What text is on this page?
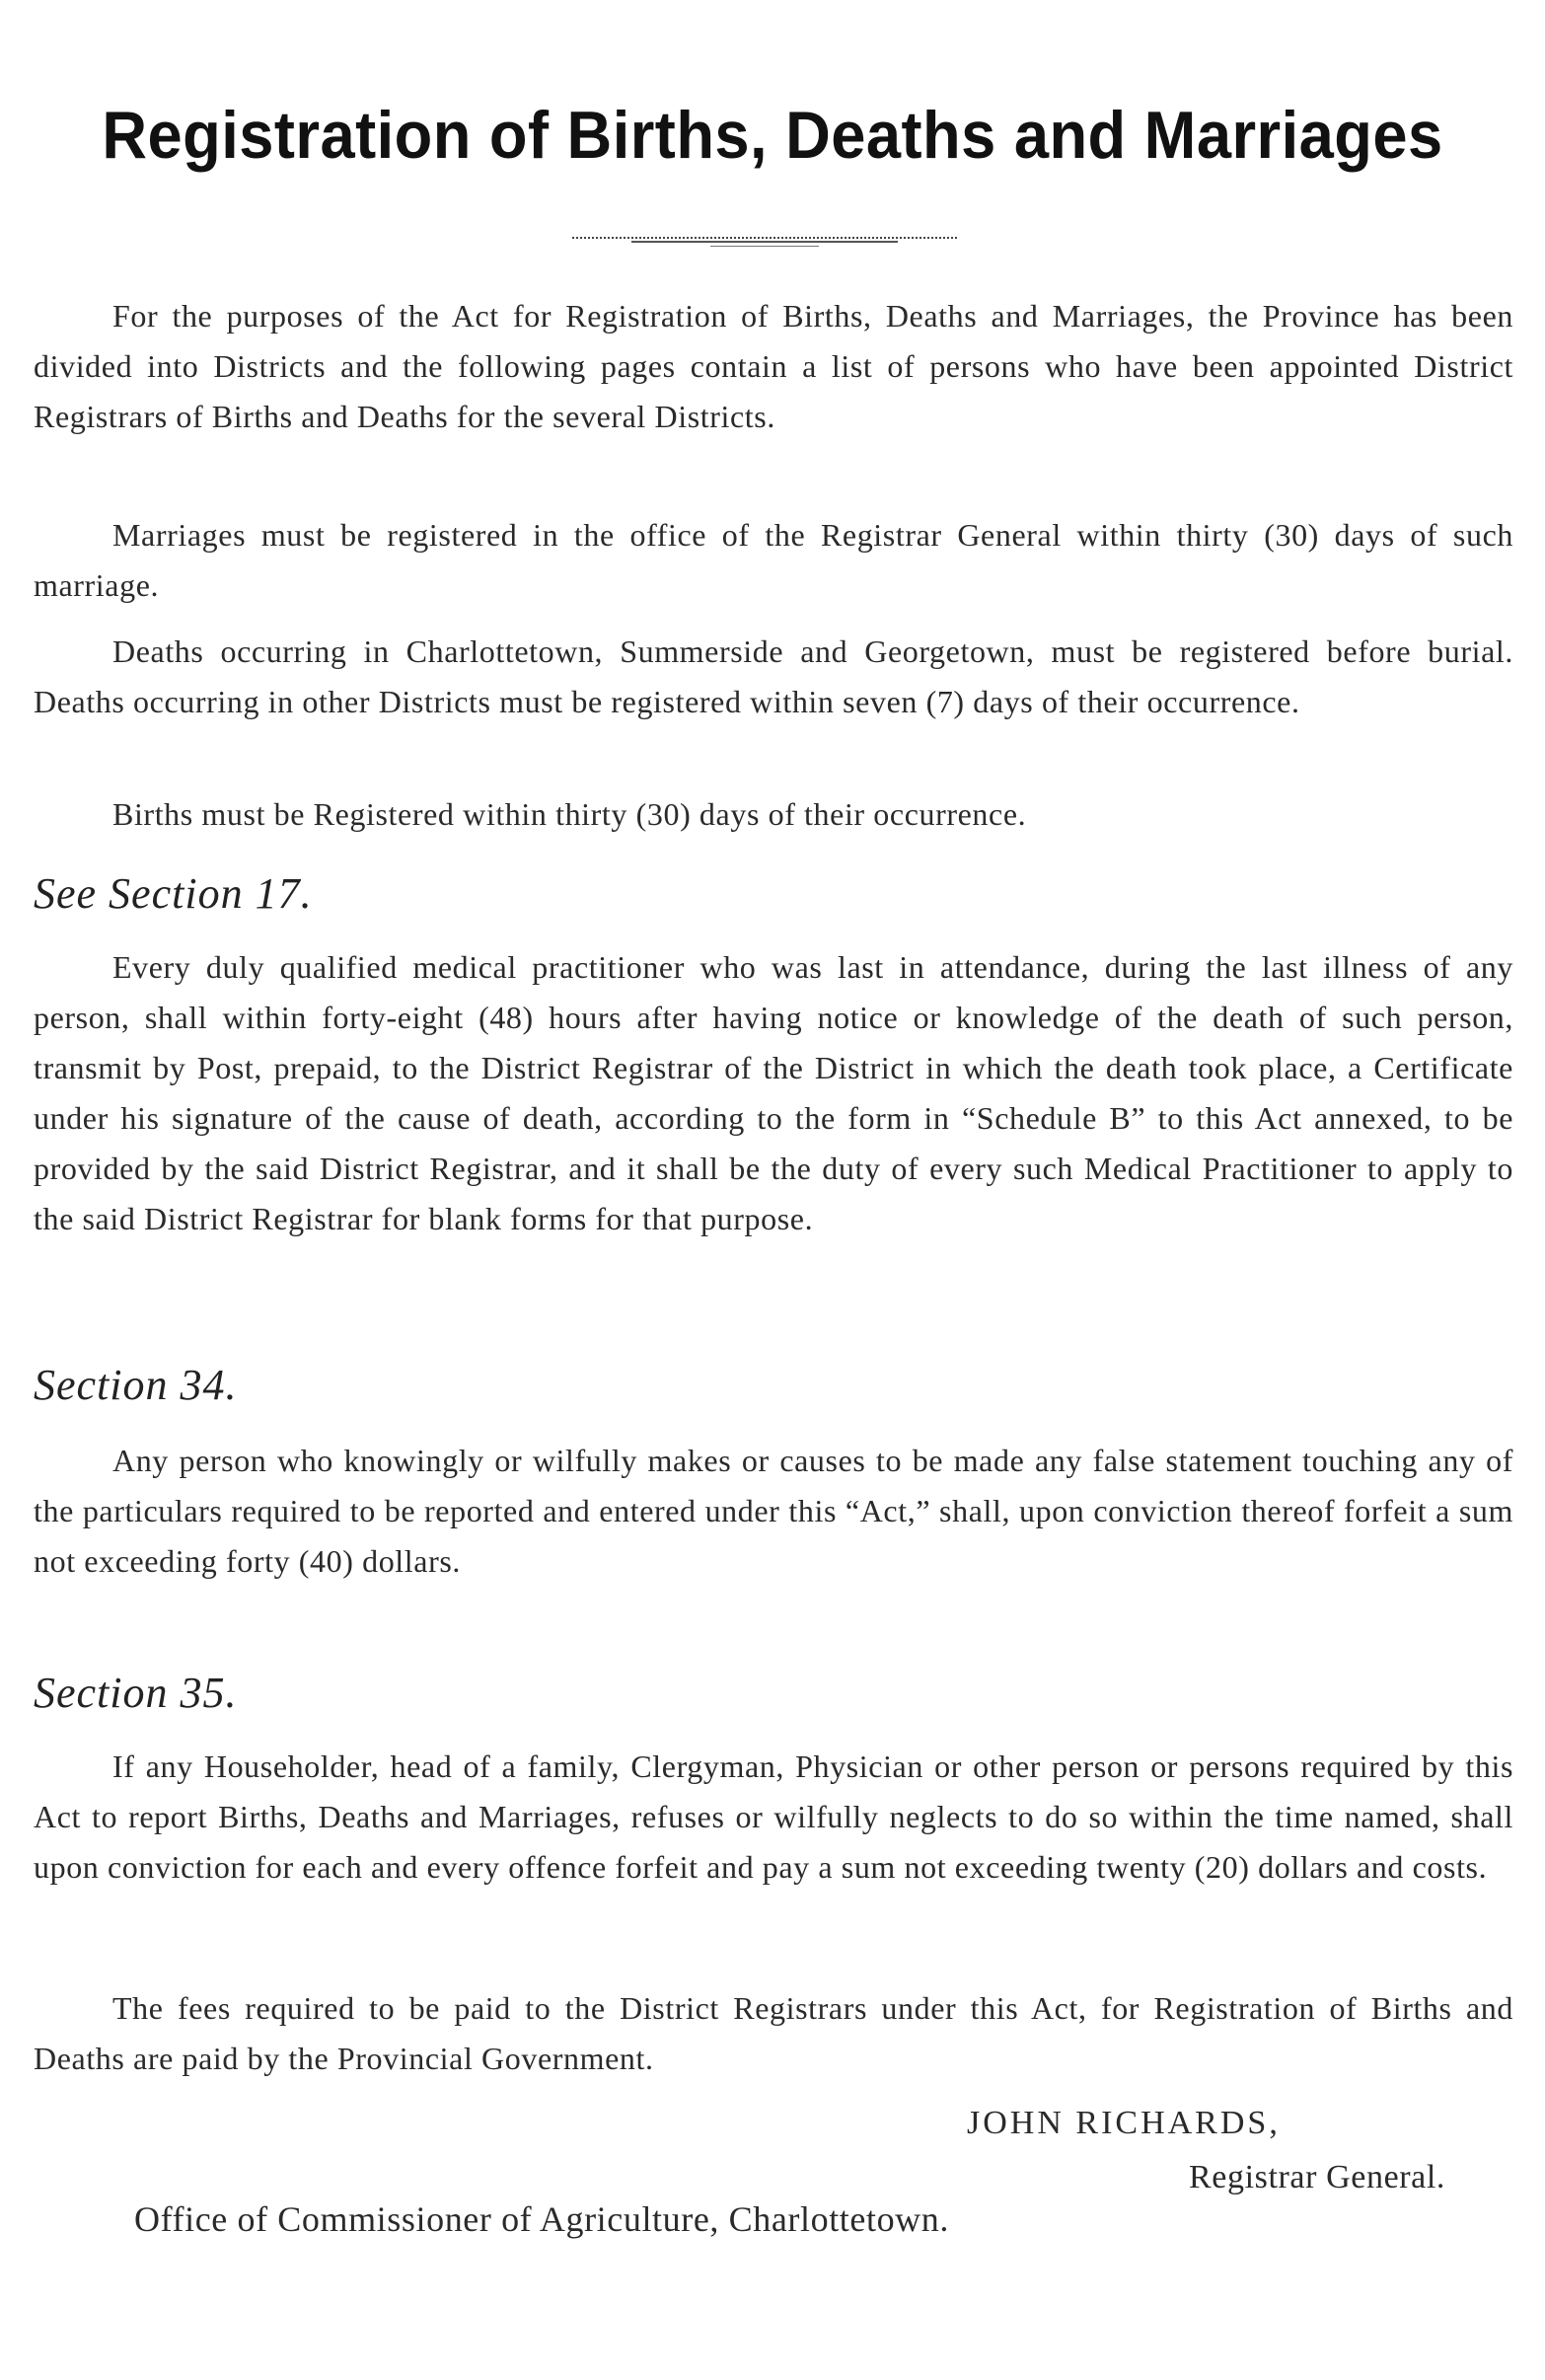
Registration of Births, Deaths and Marriages

For the purposes of the Act for Registration of Births, Deaths and Marriages, the Province has been divided into Districts and the following pages contain a list of persons who have been appointed District Registrars of Births and Deaths for the several Districts.

Marriages must be registered in the office of the Registrar General within thirty (30) days of such marriage.

Deaths occurring in Charlottetown, Summerside and Georgetown, must be registered before burial. Deaths occurring in other Districts must be registered within seven (7) days of their occurrence.

Births must be Registered within thirty (30) days of their occurrence.

See Section 17.

Every duly qualified medical practitioner who was last in attendance, during the last illness of any person, shall within forty-eight (48) hours after having notice or knowledge of the death of such person, transmit by Post, prepaid, to the District Registrar of the District in which the death took place, a Certificate under his signature of the cause of death, according to the form in “Schedule B” to this Act annexed, to be provided by the said District Registrar, and it shall be the duty of every such Medical Practitioner to apply to the said District Registrar for blank forms for that purpose.

Section 34.

Any person who knowingly or wilfully makes or causes to be made any false statement touching any of the particulars required to be reported and entered under this “Act,” shall, upon conviction thereof forfeit a sum not exceeding forty (40) dollars.

Section 35.

If any Householder, head of a family, Clergyman, Physician or other person or persons required by this Act to report Births, Deaths and Marriages, refuses or wilfully neglects to do so within the time named, shall upon conviction for each and every offence forfeit and pay a sum not exceeding twenty (20) dollars and costs.

The fees required to be paid to the District Registrars under this Act, for Registration of Births and Deaths are paid by the Provincial Government.

JOHN RICHARDS,
Registrar General.
Office of Commissioner of Agriculture, Charlottetown.
